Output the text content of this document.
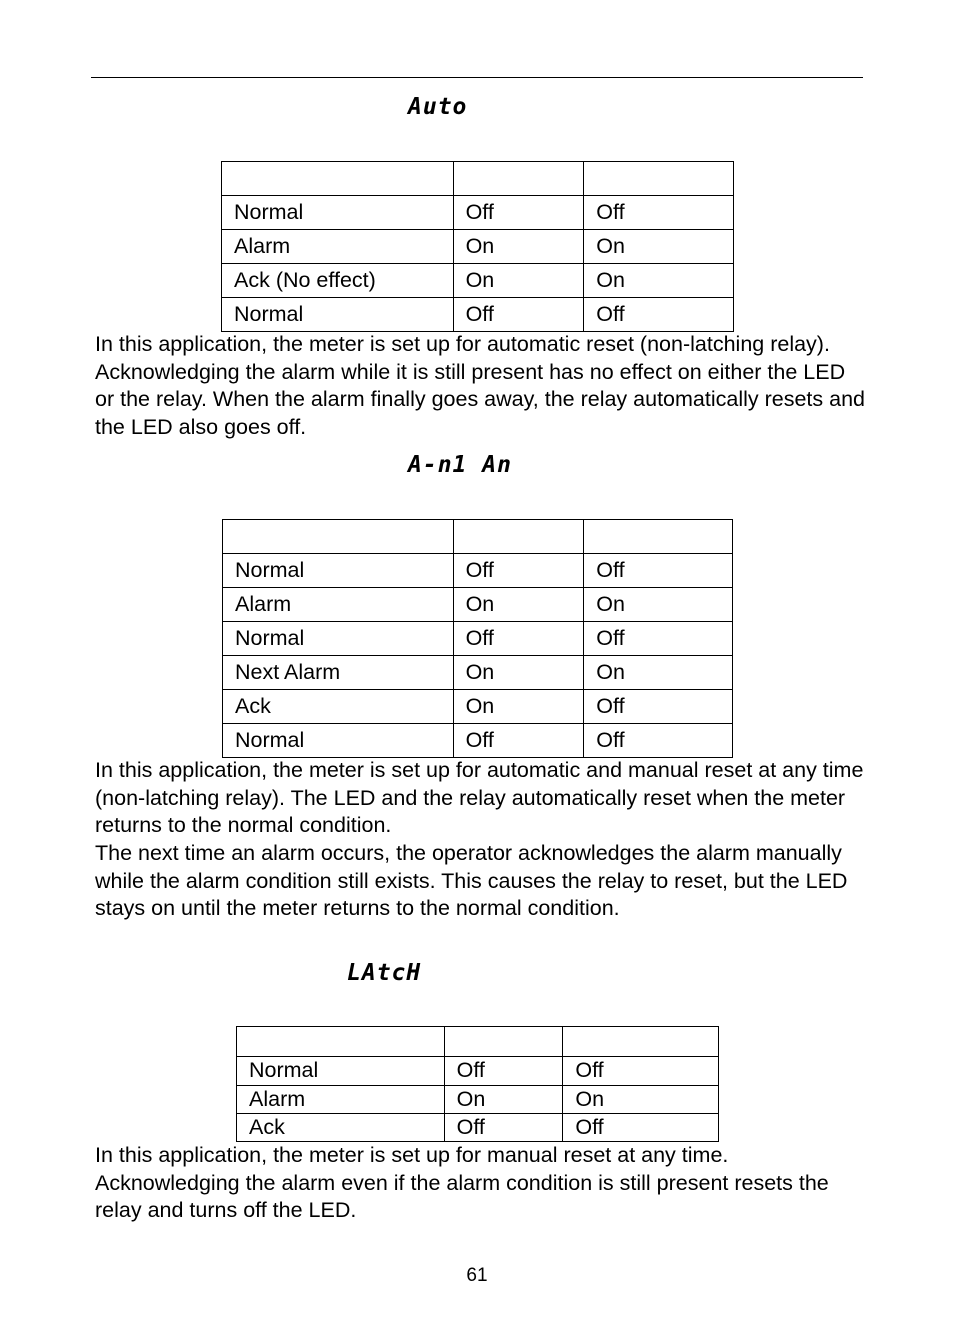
Auto

Normal	Off	Off
Alarm	On	On
Ack (No effect)	On	On
Normal	Off	Off

In this application, the meter is set up for automatic reset (non-latching relay). Acknowledging the alarm while it is still present has no effect on either the LED or the relay. When the alarm finally goes away, the relay automatically resets and the LED also goes off.

A-n1 An

Normal	Off	Off
Alarm	On	On
Normal	Off	Off
Next Alarm	On	On
Ack	On	Off
Normal	Off	Off

In this application, the meter is set up for automatic and manual reset at any time (non-latching relay). The LED and the relay automatically reset when the meter returns to the normal condition.

The next time an alarm occurs, the operator acknowledges the alarm manually while the alarm condition still exists. This causes the relay to reset, but the LED stays on until the meter returns to the normal condition.

LAtcH

Normal	Off	Off
Alarm	On	On
Ack	Off	Off

In this application, the meter is set up for manual reset at any time. Acknowledging the alarm even if the alarm condition is still present resets the relay and turns off the LED.

61
